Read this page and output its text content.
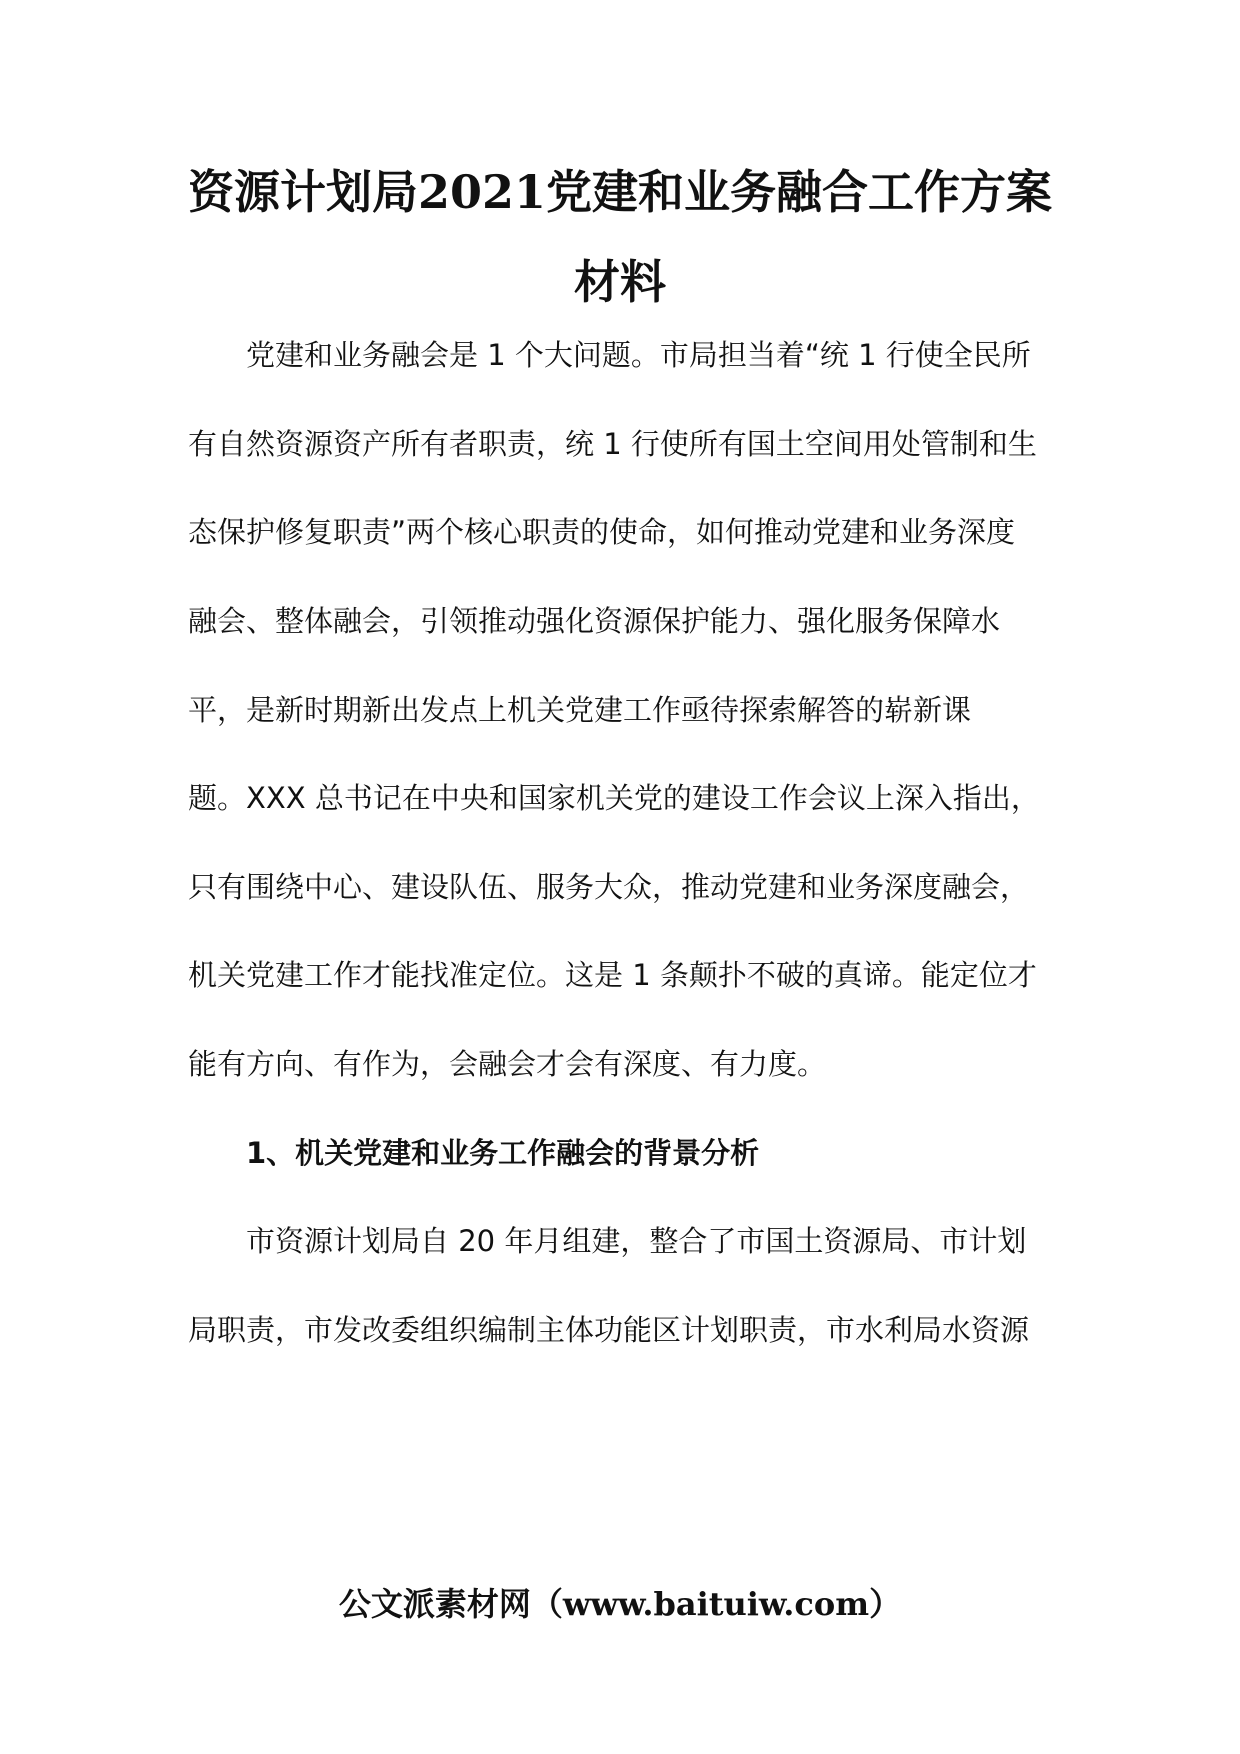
资源计划局2021党建和业务融合工作方案
材料
党建和业务融会是 1 个大问题。市局担当着“统 1 行使全民所
有自然资源资产所有者职责，统 1 行使所有国土空间用处管制和生
态保护修复职责”两个核心职责的使命，如何推动党建和业务深度
融会、整体融会，引领推动强化资源保护能力、强化服务保障水
平，是新时期新出发点上机关党建工作亟待探索解答的崭新课
题。XXX 总书记在中央和国家机关党的建设工作会议上深入指出，
只有围绕中心、建设队伍、服务大众，推动党建和业务深度融会，
机关党建工作才能找准定位。这是 1 条颠扑不破的真谛。能定位才
能有方向、有作为，会融会才会有深度、有力度。
1、机关党建和业务工作融会的背景分析
市资源计划局自 20 年月组建，整合了市国土资源局、市计划
局职责，市发改委组织编制主体功能区计划职责，市水利局水资源
公文派素材网（www.baituiw.com）
